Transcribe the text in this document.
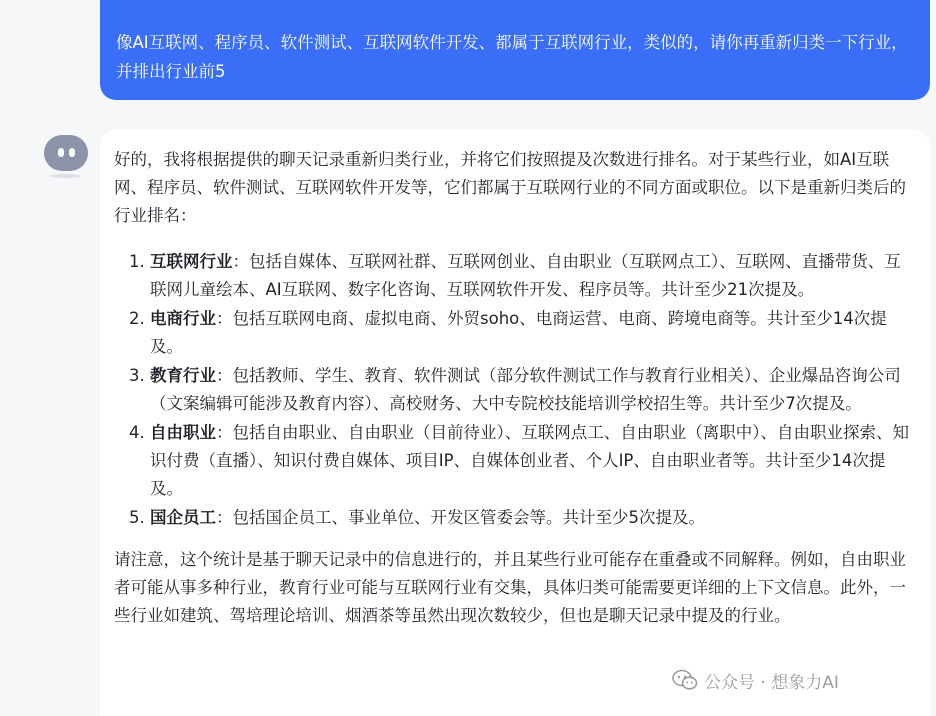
像AI互联网、程序员、软件测试、互联网软件开发、都属于互联网行业，类似的，请你再重新归类一下行业，并排出行业前5

好的，我将根据提供的聊天记录重新归类行业，并将它们按照提及次数进行排名。对于某些行业，如AI互联网、程序员、软件测试、互联网软件开发等，它们都属于互联网行业的不同方面或职位。以下是重新归类后的行业排名：

1. 互联网行业：包括自媒体、互联网社群、互联网创业、自由职业（互联网点工）、互联网、直播带货、互联网儿童绘本、AI互联网、数字化咨询、互联网软件开发、程序员等。共计至少21次提及。
2. 电商行业：包括互联网电商、虚拟电商、外贸soho、电商运营、电商、跨境电商等。共计至少14次提及。
3. 教育行业：包括教师、学生、教育、软件测试（部分软件测试工作与教育行业相关）、企业爆品咨询公司（文案编辑可能涉及教育内容）、高校财务、大中专院校技能培训学校招生等。共计至少7次提及。
4. 自由职业：包括自由职业、自由职业（目前待业）、互联网点工、自由职业（离职中）、自由职业探索、知识付费（直播）、知识付费自媒体、项目IP、自媒体创业者、个人IP、自由职业者等。共计至少14次提及。
5. 国企员工：包括国企员工、事业单位、开发区管委会等。共计至少5次提及。

请注意，这个统计是基于聊天记录中的信息进行的，并且某些行业可能存在重叠或不同解释。例如，自由职业者可能从事多种行业，教育行业可能与互联网行业有交集，具体归类可能需要更详细的上下文信息。此外，一些行业如建筑、驾培理论培训、烟酒茶等虽然出现次数较少，但也是聊天记录中提及的行业。

公众号 · 想象力AI
